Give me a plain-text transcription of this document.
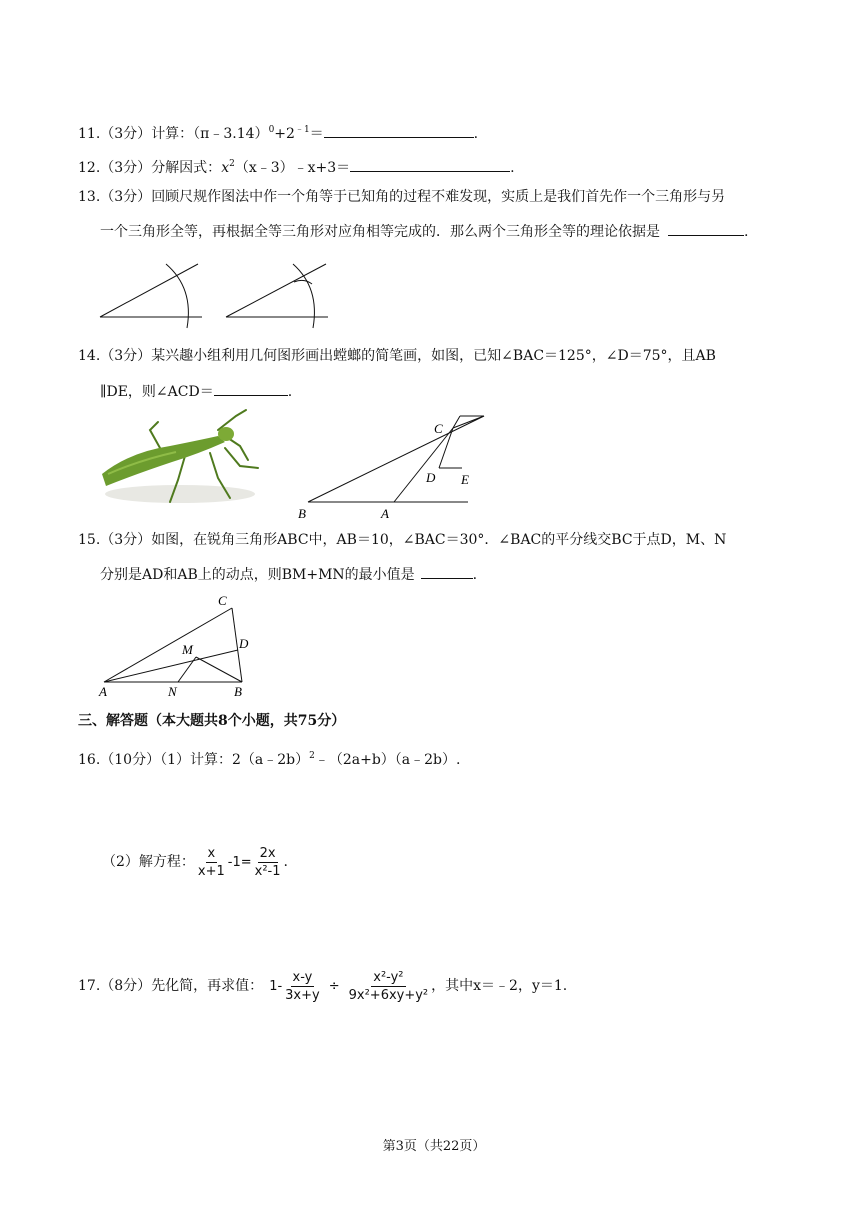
11.（3分）计算：$(\pi﹣3.14)^0+2^{﹣1}=$	.
12.（3分）分解因式：$x^2(x﹣3)﹣x+3=$	.
13.（3分）回顾尺规作图法中作一个角等于已知角的过程不难发现，实质上是我们首先作一个三角形与另
一个三角形全等，再根据全等三角形对应角相等完成的．那么两个三角形全等的理论依据是	.
14.（3分）某兴趣小组利用几何图形画出螳螂的简笔画，如图，已知∠BAC＝125°，∠D＝75°，且AB
∥DE，则∠ACD＝	.
C
D E
B	A
15.（3分）如图，在锐角三角形ABC中，AB＝10，∠BAC＝30°．∠BAC的平分线交BC于点D，M、N
分别是AD和AB上的动点，则BM+MN的最小值是	.
C
D
M
A	N	B
三、解答题（本大题共8个小题，共75分）
16.（10分）（1）计算：2（a﹣2b）$^2$﹣（2a+b）（a﹣2b）.
（2）解方程： $\frac{x}{x+1} -1= \frac{2x}{\text{x²-1}}$ .
17.（8分）先化简，再求值： $1- \frac{x-y}{3x+y} \div \frac{\text{x²-y²}}{\text{9x²+6xy+y²}}$ ，其中x＝﹣2，y＝1.
第3页（共22页）
